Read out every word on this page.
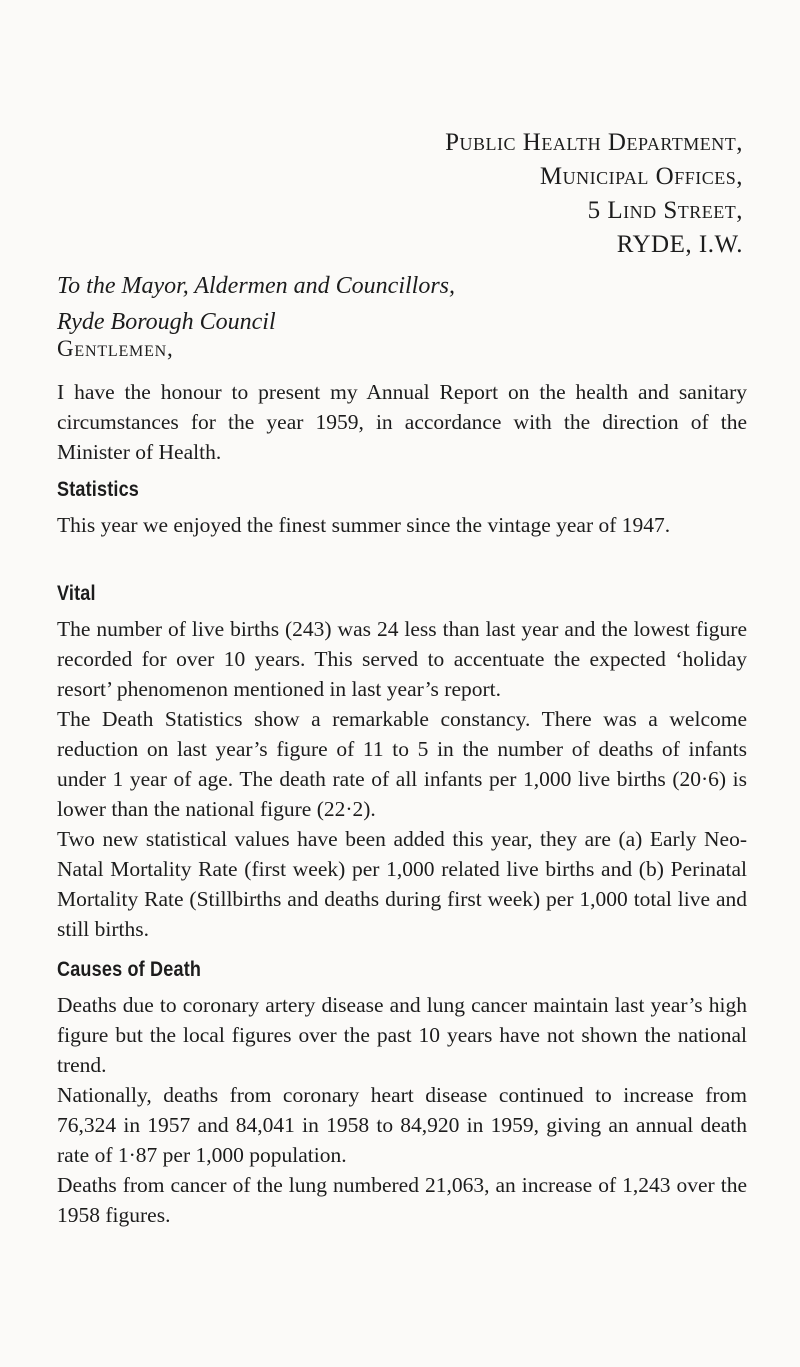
Public Health Department,
Municipal Offices,
5 Lind Street,
RYDE, I.W.
To the Mayor, Aldermen and Councillors,
Ryde Borough Council
Gentlemen,

I have the honour to present my Annual Report on the health and sanitary circumstances for the year 1959, in accordance with the direction of the Minister of Health.

Statistics

This year we enjoyed the finest summer since the vintage year of 1947.

Vital

The number of live births (243) was 24 less than last year and the lowest figure recorded for over 10 years. This served to accentuate the expected ‘holiday resort’ phenomenon mentioned in last year’s report.

The Death Statistics show a remarkable constancy. There was a welcome reduction on last year’s figure of 11 to 5 in the number of deaths of infants under 1 year of age. The death rate of all infants per 1,000 live births (20·6) is lower than the national figure (22·2).

Two new statistical values have been added this year, they are (a) Early Neo-Natal Mortality Rate (first week) per 1,000 related live births and (b) Perinatal Mortality Rate (Stillbirths and deaths during first week) per 1,000 total live and still births.

Causes of Death

Deaths due to coronary artery disease and lung cancer maintain last year’s high figure but the local figures over the past 10 years have not shown the national trend.

Nationally, deaths from coronary heart disease continued to increase from 76,324 in 1957 and 84,041 in 1958 to 84,920 in 1959, giving an annual death rate of 1·87 per 1,000 population.

Deaths from cancer of the lung numbered 21,063, an increase of 1,243 over the 1958 figures.
